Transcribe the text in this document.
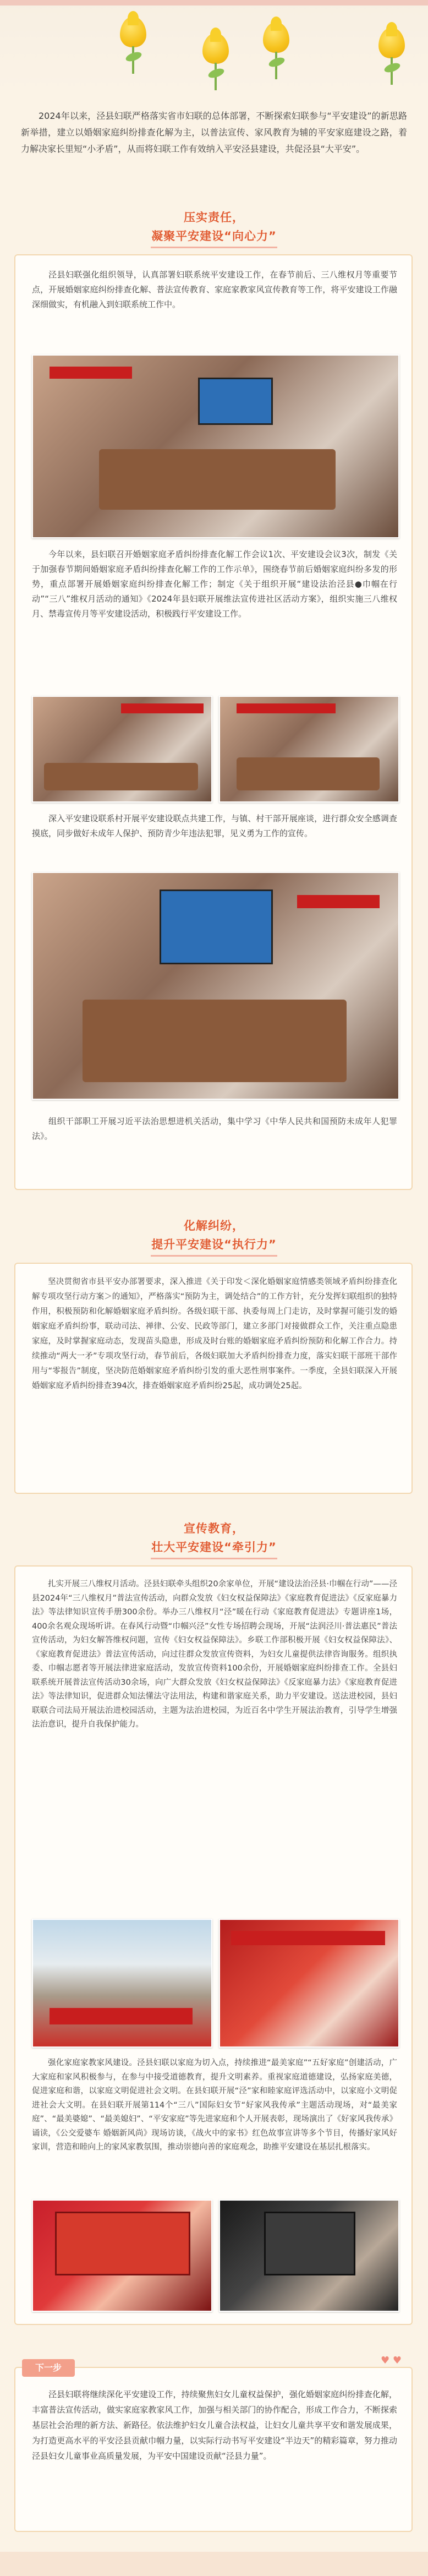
2024年以来，泾县妇联严格落实省市妇联的总体部署，不断探索妇联参与“平安建设”的新思路新举措，建立以婚姻家庭纠纷排查化解为主，以普法宣传、家风教育为辅的平安家庭建设之路，着力解决家长里短“小矛盾”，从而将妇联工作有效纳入平安泾县建设，共促泾县“大平安”。
压实责任，
凝聚平安建设“向心力”
泾县妇联强化组织领导，认真部署妇联系统平安建设工作，在春节前后、三八维权月等重要节点，开展婚姻家庭纠纷排查化解、普法宣传教育、家庭家教家风宣传教育等工作，将平安建设工作融深细做实，有机融入到妇联系统工作中。
今年以来，县妇联召开婚姻家庭矛盾纠纷排查化解工作会议1次、平安建设会议3次，制发《关于加强春节期间婚姻家庭矛盾纠纷排查化解工作的工作示单》，围绕春节前后婚姻家庭纠纷多发的形势，重点部署开展婚姻家庭纠纷排查化解工作；制定《关于组织开展“建设法治泾县●巾帼在行动”“三八”维权月活动的通知》《2024年县妇联开展维法宣传进社区活动方案》，组织实施三八维权月、禁毒宣传月等平安建设活动，积极践行平安建设工作。
深入平安建设联系村开展平安建设联点共建工作，与镇、村干部开展座谈，进行群众安全感调查摸底，同步做好未成年人保护、预防青少年违法犯罪，见义勇为工作的宣传。
组织干部职工开展习近平法治思想进机关活动，集中学习《中华人民共和国预防未成年人犯罪法》。
化解纠纷，
提升平安建设“执行力”
坚决贯彻省市县平安办部署要求，深入推进《关于印发＜深化婚姻家庭情感类领域矛盾纠纷排查化解专项攻坚行动方案＞的通知》，严格落实“预防为主，调处结合”的工作方针，充分发挥妇联组织的独特作用，积极预防和化解婚姻家庭矛盾纠纷。各级妇联干部、执委每周上门走访，及时掌握可能引发的婚姻家庭矛盾纠纷事，联动司法、禅律、公安、民政等部门，建立多部门对接做群众工作，关注重点隐患家庭，及时掌握家庭动态，发现苗头隐患，形成及时台账的婚姻家庭矛盾纠纷预防和化解工作合力。持续推动“两大一矛”专项攻坚行动，春节前后，各级妇联加大矛盾纠纷排查力度，落实妇联干部班干部作用与“零报告”制度，坚决防范婚姻家庭矛盾纠纷引发的重大恶性刑事案件。一季度，全县妇联深入开展婚姻家庭矛盾纠纷排查394次，排查婚姻家庭矛盾纠纷25起，成功调处25起。
宣传教育，
壮大平安建设“牵引力”
扎实开展三八维权月活动。泾县妇联牵头组织20余家单位，开展“建设法治泾县·巾帼在行动”——泾县2024年“三八维权月”普法宣传活动，向群众发放《妇女权益保障法》《家庭教育促进法》《反家庭暴力法》等法律知识宣传手册300余份。举办三八维权月“泾”暖在行动《家庭教育促进法》专题讲座1场，400余名观众现场听讲。在春风行动暨“巾帼兴泾”女性专场招聘会现场，开展“法润泾川·普法惠民”普法宣传活动，为妇女解答维权问题，宣传《妇女权益保障法》。乡联工作部积极开展《妇女权益保障法》、《家庭教育促进法》普法宣传活动，向过往群众发放宣传资料，为妇女儿童提供法律咨询服务。组织执委、巾帼志愿者等开展法律进家庭活动，发放宣传资料100余份，开展婚姻家庭纠纷排查工作。全县妇联系统开展普法宣传活动30余场，向广大群众发放《妇女权益保障法》《反家庭暴力法》《家庭教育促进法》等法律知识，促进群众知法懂法守法用法，构建和谐家庭关系，助力平安建设。送法进校园，县妇联联合司法局开展法治进校园活动，主题为法治进校园，为近百名中学生开展法治教育，引导学生增强法治意识，提升自我保护能力。
强化家庭家教家风建设。泾县妇联以家庭为切入点，持续推进“最美家庭”“五好家庭”创建活动，广大家庭和家风积极参与，在参与中接受道德教育，提升文明素养。重视家庭道德建设，弘扬家庭美德，促进家庭和谐，以家庭文明促进社会文明。在县妇联开展“泾”家和睦家庭评选活动中，以家庭小文明促进社会大文明。在县妇联开展第114个“三八”国际妇女节“好家风我传承”主题活动现场，对“最美家庭”、“最美婆媳”、“最美媳妇”、“平安家庭”等先进家庭和个人开展表彰，现场演出了《好家风我传承》诵读，《公交爱婆车 婚姻新风尚》现场访谈，《战火中的家书》红色故事宣讲等多个节目，传播好家风好家训，营造和睦向上的家风家教氛围，推动崇德向善的家庭观念，助推平安建设在基层扎根落实。
下一步
♥ ♥
泾县妇联将继续深化平安建设工作，持续聚焦妇女儿童权益保护，强化婚姻家庭纠纷排查化解，丰富普法宣传活动，做实家庭家教家风工作，加强与相关部门的协作配合，形成工作合力，不断探索基层社会治理的新方法、新路径。依法维护妇女儿童合法权益，让妇女儿童共享平安和谐发展成果，为打造更高水平的平安泾县贡献巾帼力量，以实际行动书写平安建设“半边天”的精彩篇章，努力推动泾县妇女儿童事业高质量发展，为平安中国建设贡献“泾县力量”。
